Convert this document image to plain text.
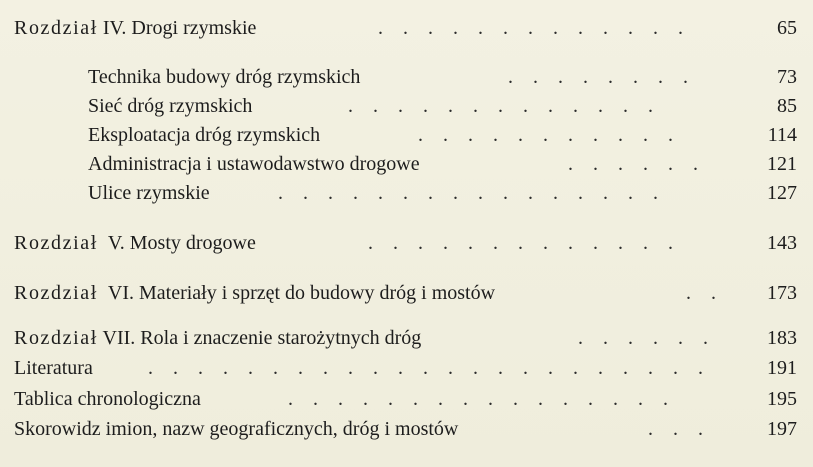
Rozdział IV. Drogi rzymskie	.    .    .    .    .    .    .    .    .    .    .    .    .	65
Technika budowy dróg rzymskich	.    .    .    .    .    .    .    .	73
Sieć dróg rzymskich	.    .    .    .    .    .    .    .    .    .    .    .    .	85
Eksploatacja dróg rzymskich	.    .    .    .    .    .    .    .    .    .    .	114
Administracja i ustawodawstwo drogowe	.    .    .    .    .    .	121
Ulice rzymskie	.    .    .    .    .    .    .    .    .    .    .    .    .    .    .    .	127
Rozdział V. Mosty drogowe	.    .    .    .    .    .    .    .    .    .    .    .    .	143
Rozdział VI. Materiały i sprzęt do budowy dróg i mostów	.    .	173
Rozdział VII. Rola i znaczenie starożytnych dróg	.    .    .    .    .    .	183
Literatura	.    .    .    .    .    .    .    .    .    .    .    .    .    .    .    .    .    .    .    .    .    .    .	191
Tablica chronologiczna	.    .    .    .    .    .    .    .    .    .    .    .    .    .    .    .	195
Skorowidz imion, nazw geograficznych, dróg i mostów	.    .    .	197
